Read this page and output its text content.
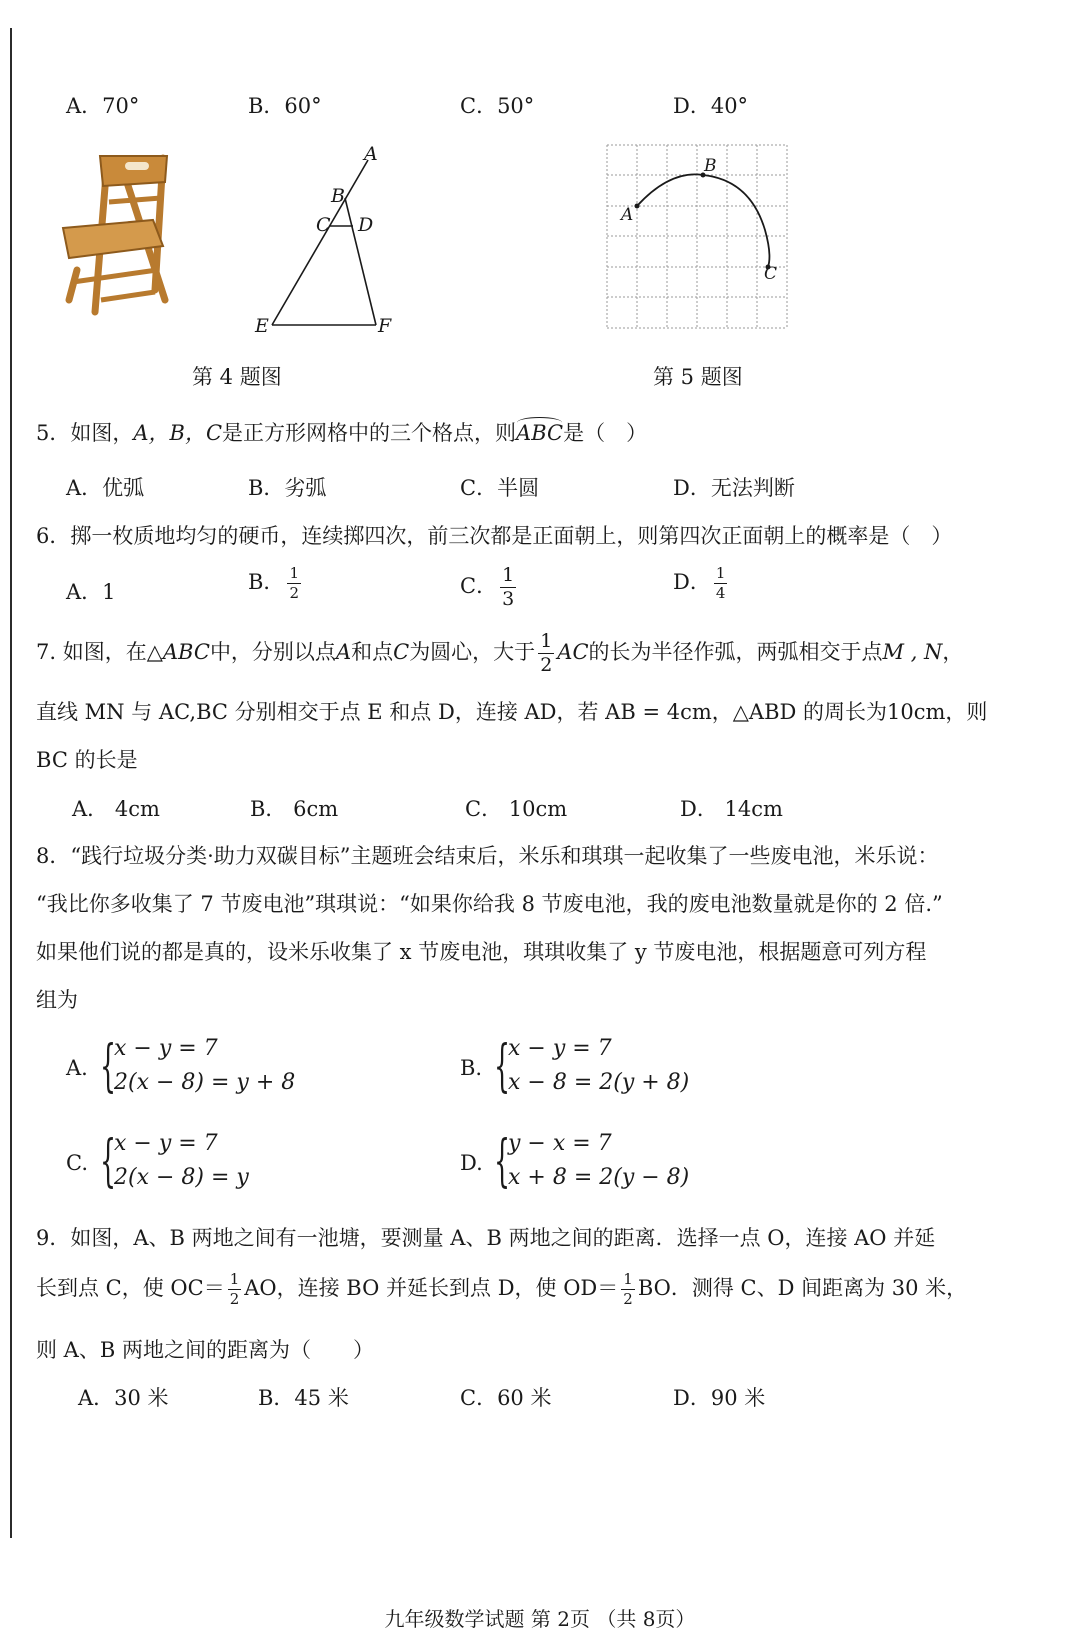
A．70°	B．60°	C．50°	D．40°
A
B
C D
E	F
A
B
C
第 4 题图	第 5 题图
5．如图，A，B，C是正方形网格中的三个格点，则ABC是（　）
A．优弧	B．劣弧	C．半圆	D．无法判断
6．掷一枚质地均匀的硬币，连续掷四次，前三次都是正面朝上，则第四次正面朝上的概率是（　）
A．1	B． $\frac{1}{2}$	C． $\frac{1}{3}$	D． $\frac{1}{4}$
7. 如图，在△ABC中，分别以点A和点C为圆心，大于 $\frac{1}{2}$ AC的长为半径作弧，两弧相交于点M , N，
直线 MN 与 AC,BC 分别相交于点 E 和点 D，连接 AD，若 AB = 4cm，△ABD 的周长为10cm，则
BC 的长是
A． 4cm	B． 6cm	C． 10cm	D． 14cm
8．“践行垃圾分类·助力双碳目标”主题班会结束后，米乐和琪琪一起收集了一些废电池，米乐说：
“我比你多收集了 7 节废电池”琪琪说：“如果你给我 8 节废电池，我的废电池数量就是你的 2 倍.”
如果他们说的都是真的，设米乐收集了 x 节废电池，琪琪收集了 y 节废电池，根据题意可列方程
组为
A. {
x − y = 7
2(x − 8) = y + 8
B. {
x − y = 7
x − 8 = 2(y + 8)
C. {
x − y = 7
2(x − 8) = y
D. {
y − x = 7
x + 8 = 2(y − 8)
9．如图，A、B 两地之间有一池塘，要测量 A、B 两地之间的距离．选择一点 O，连接 AO 并延
长到点 C，使 $OC= \frac{1}{2}$ AO，连接 BO 并延长到点 D，使 $OD= \frac{1}{2}$ BO．测得 C、D 间距离为 30 米，
则 A、B 两地之间的距离为（　　）
A．30 米	B．45 米	C．60 米	D．90 米
九年级数学试题 第 2页 （共 8页）
